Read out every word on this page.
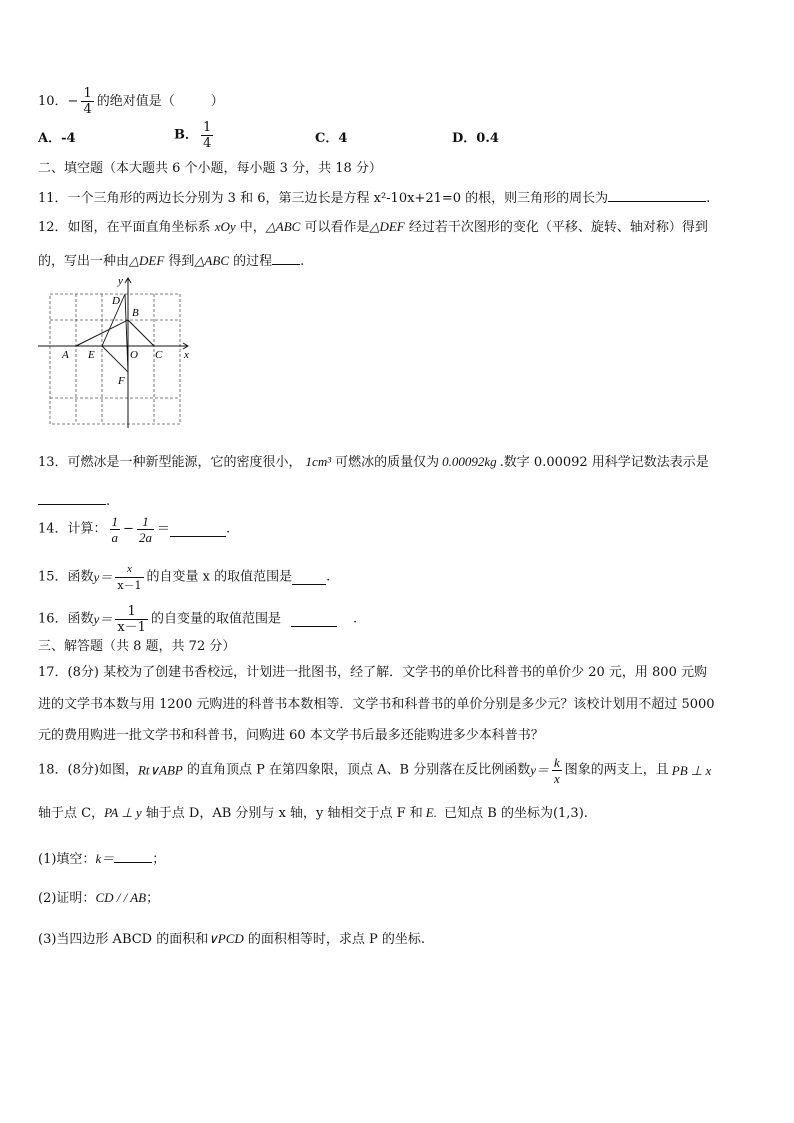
10．− $\frac{1}{4}$ 的绝对值是（	）
A．-4	B． $\frac{1}{4}$	C．4	D．0.4
二、填空题（本大题共 6 个小题，每小题 3 分，共 18 分）
11．一个三角形的两边长分别为 3 和 6，第三边长是方程 x²-10x+21=0 的根，则三角形的周长为	.
12．如图，在平面直角坐标系 xOy 中，△ABC 可以看作是△DEF 经过若干次图形的变化（平移、旋转、轴对称）得到
的，写出一种由△DEF 得到△ABC 的过程 .
y
x
D
B
A E	O C
F
13．可燃冰是一种新型能源，它的密度很小， 1cm³ 可燃冰的质量仅为 0.00092kg .数字 0.00092 用科学记数法表示是
.
14．计算： $\frac{1}{a} - \frac{1}{2a}$ ＝	.
15．函数$y= \frac{x}{x-1}$ 的自变量 x 的取值范围是	.
16．函数$y= \frac{1}{x-1}$ 的自变量的取值范围是	.
三、解答题（共 8 题，共 72 分）
17．(8分) 某校为了创建书香校远，计划进一批图书，经了解．文学书的单价比科普书的单价少 20 元，用 800 元购
进的文学书本数与用 1200 元购进的科普书本数相等．文学书和科普书的单价分别是多少元？该校计划用不超过 5000
元的费用购进一批文学书和科普书，问购进 60 本文学书后最多还能购进多少本科普书？
18．(8分)如图，Rt∨ABP 的直角顶点 P 在第四象限，顶点 A、B 分别落在反比例函数$y= \frac{k}{x}$ 图象的两支上，且 PB ⊥ x
轴于点 C，PA ⊥ y 轴于点 D，AB 分别与 x 轴，y 轴相交于点 F 和 E. 已知点 B 的坐标为(1,3).
(1)填空：k＝	；
(2)证明：CD / / AB；
(3)当四边形 ABCD 的面积和∨PCD 的面积相等时，求点 P 的坐标.
